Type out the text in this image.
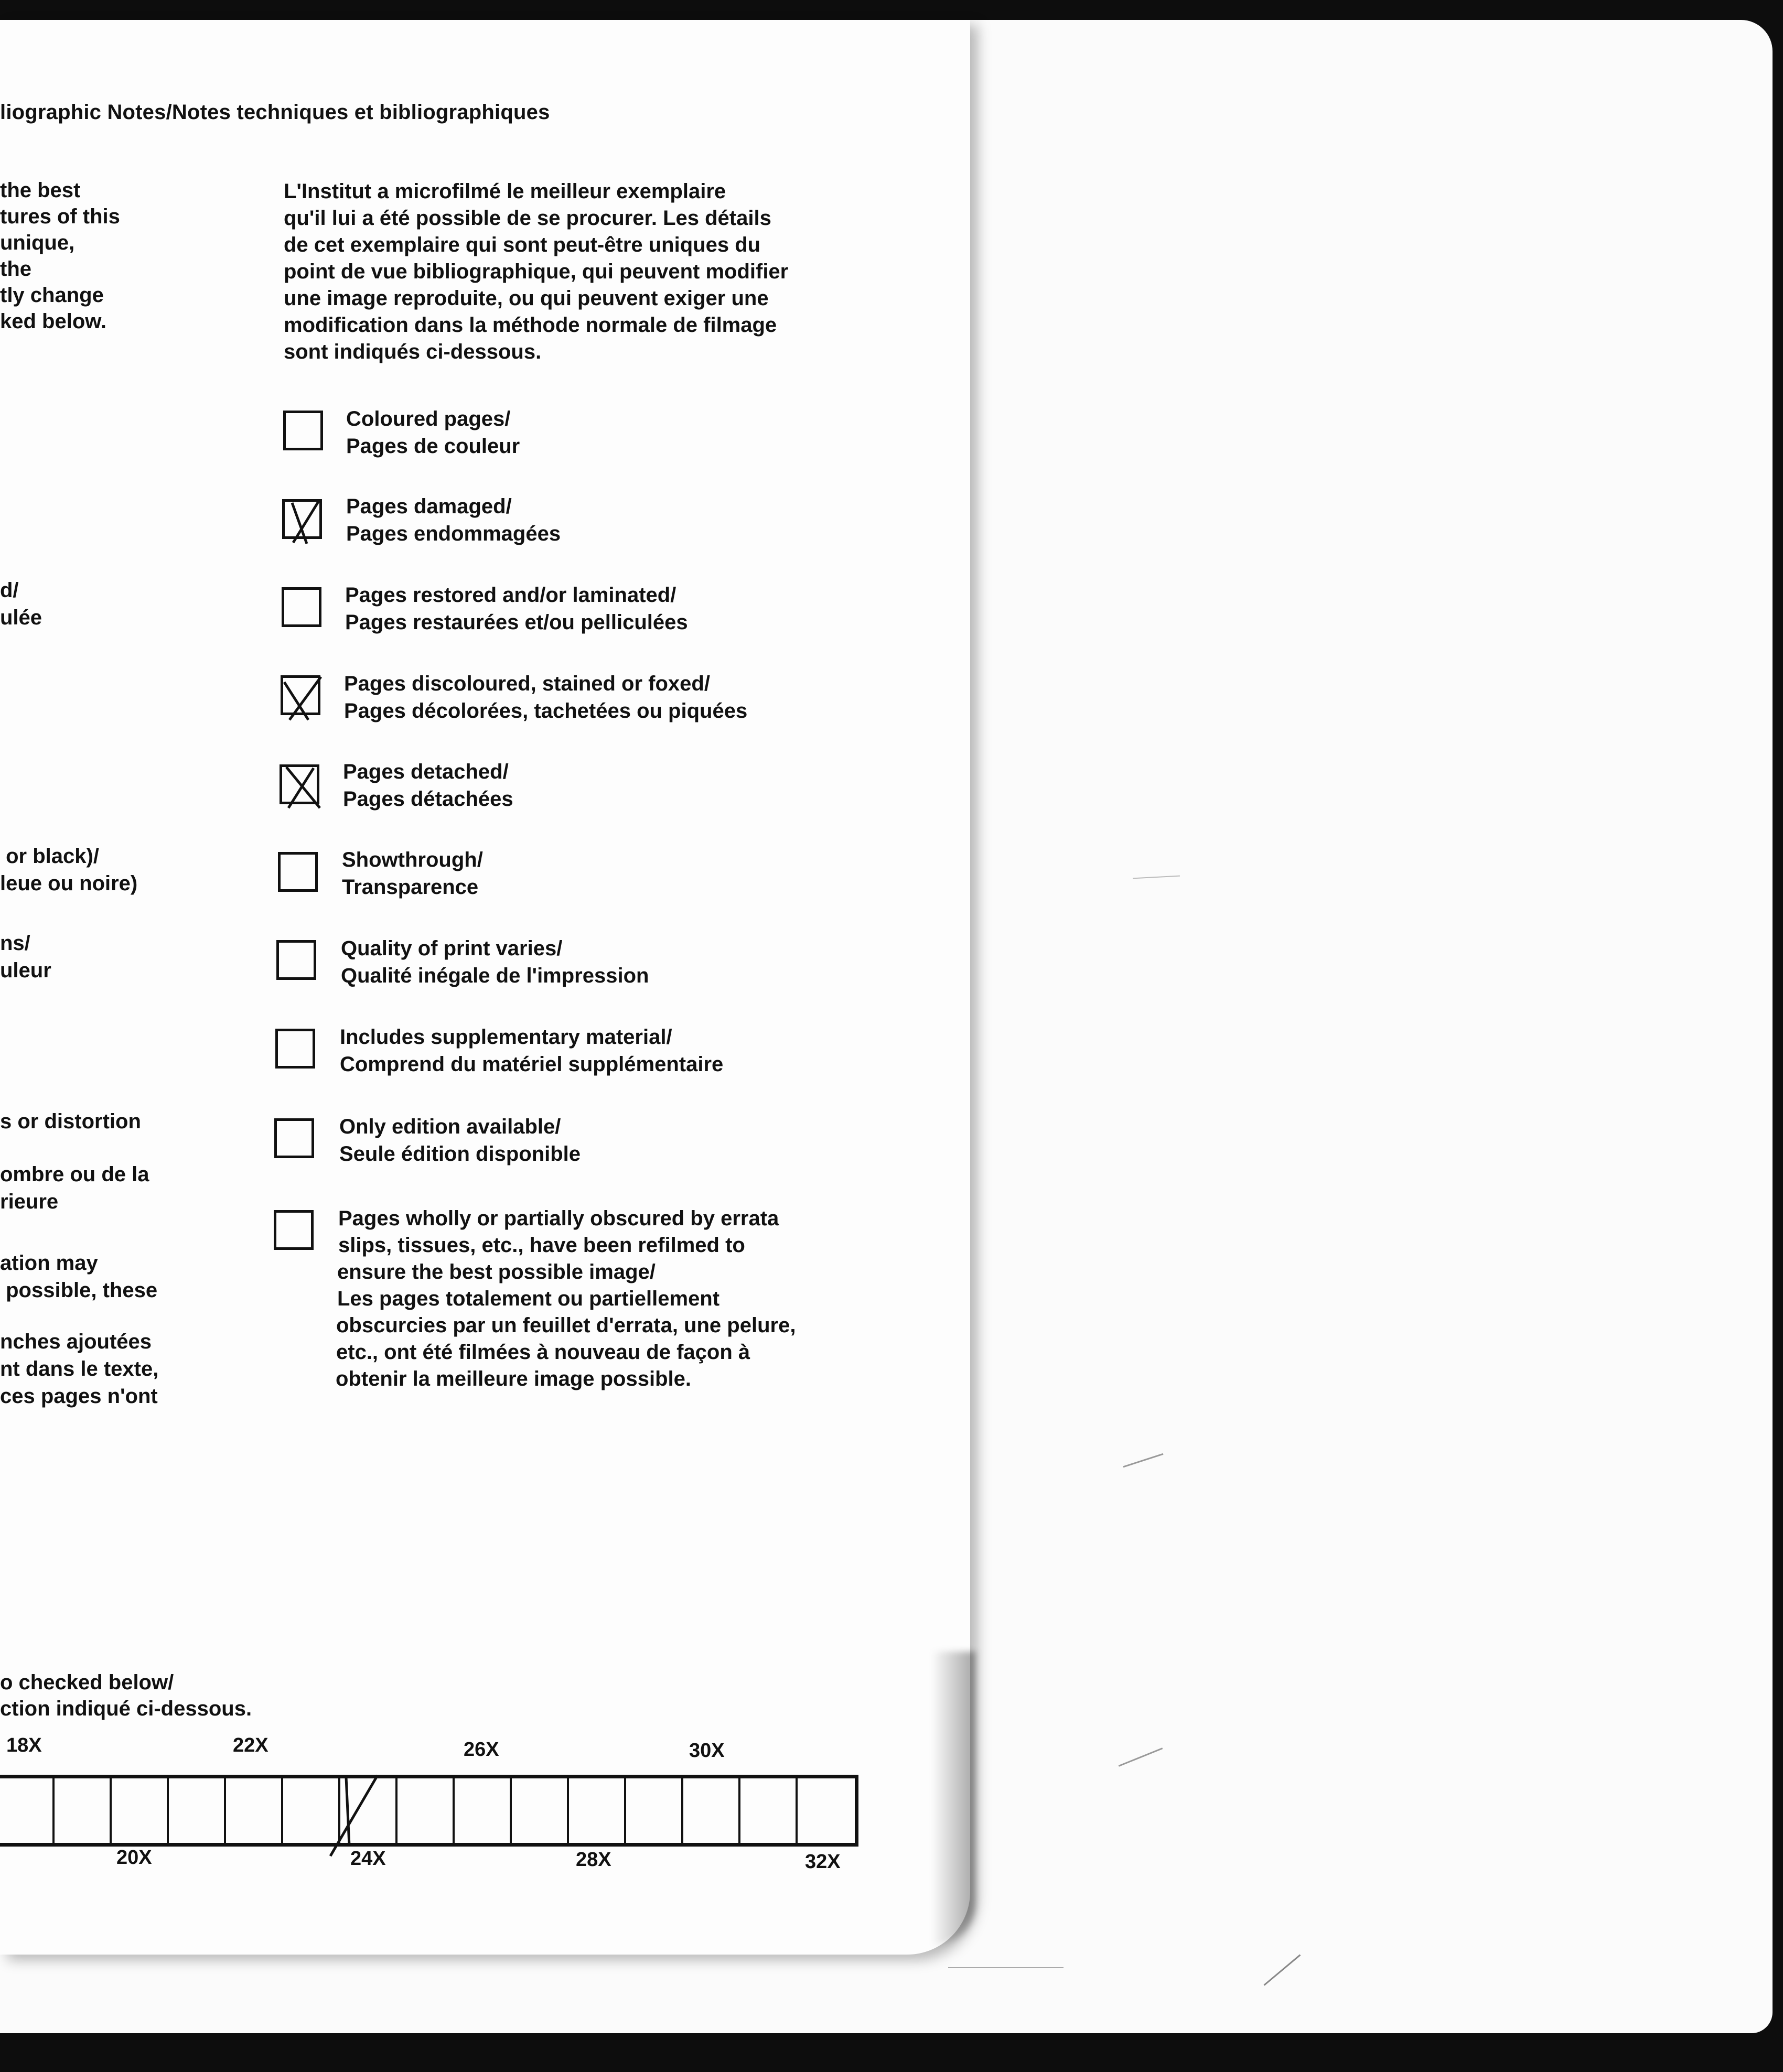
liographic Notes/Notes techniques et bibliographiques
the best
tures of this
unique,
the
tly change
ked below.
d/
ulée
or black)/
leue ou noire)
ns/
uleur
s or distortion
ombre ou de la
rieure
ation may
possible, these
nches ajoutées
nt dans le texte,
ces pages n'ont
o checked below/
ction indiqué ci-dessous.
L'Institut a microfilmé le meilleur exemplaire
qu'il lui a été possible de se procurer. Les détails
de cet exemplaire qui sont peut-être uniques du
point de vue bibliographique, qui peuvent modifier
une image reproduite, ou qui peuvent exiger une
modification dans la méthode normale de filmage
sont indiqués ci-dessous.
Coloured pages/
Pages de couleur
Pages damaged/
Pages endommagées
Pages restored and/or laminated/
Pages restaurées et/ou pelliculées
Pages discoloured, stained or foxed/
Pages décolorées, tachetées ou piquées
Pages detached/
Pages détachées
Showthrough/
Transparence
Quality of print varies/
Qualité inégale de l'impression
Includes supplementary material/
Comprend du matériel supplémentaire
Only edition available/
Seule édition disponible
Pages wholly or partially obscured by errata
slips, tissues, etc., have been refilmed to
ensure the best possible image/
Les pages totalement ou partiellement
obscurcies par un feuillet d'errata, une pelure,
etc., ont été filmées à nouveau de façon à
obtenir la meilleure image possible.
18X	22X	26X	30X
20X	24X	28X	32X
